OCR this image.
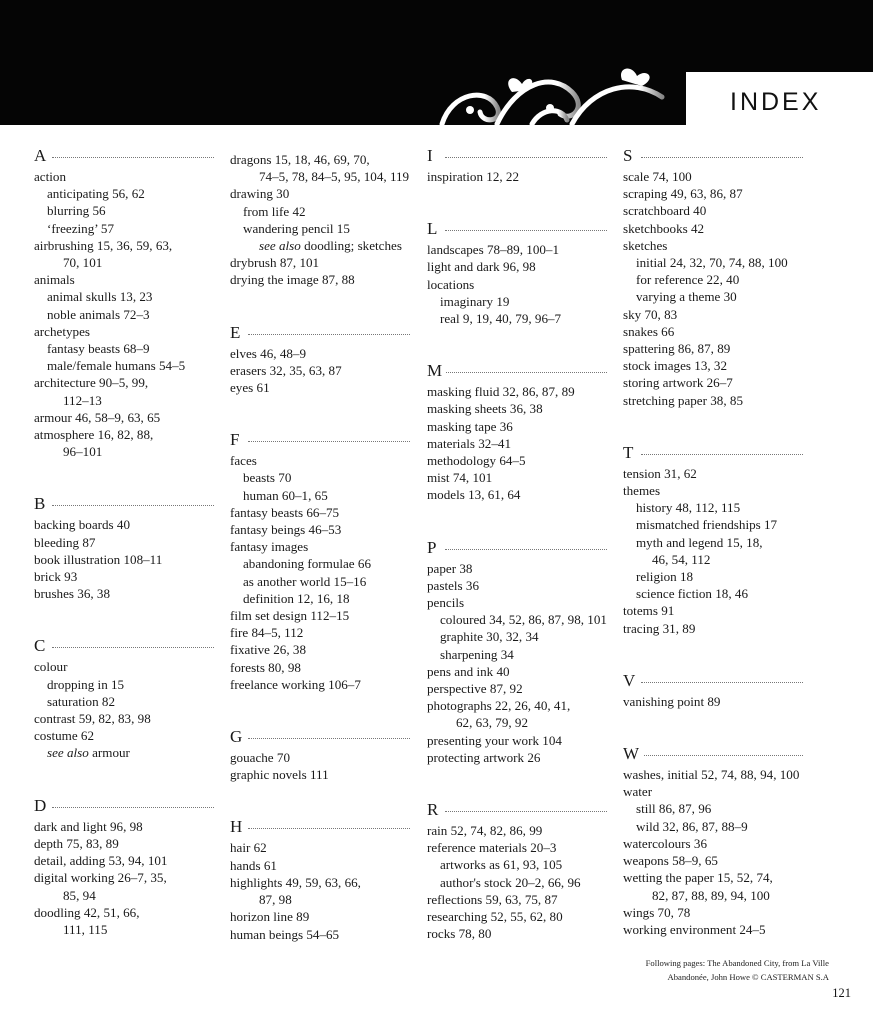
INDEX
A
action
anticipating 56, 62
blurring 56
‘freezing’ 57
airbrushing 15, 36, 59, 63,
70, 101
animals
animal skulls 13, 23
noble animals 72–3
archetypes
fantasy beasts 68–9
male/female humans 54–5
architecture 90–5, 99,
112–13
armour 46, 58–9, 63, 65
atmosphere 16, 82, 88,
96–101
B
backing boards 40
bleeding 87
book illustration 108–11
brick 93
brushes 36, 38
C
colour
dropping in 15
saturation 82
contrast 59, 82, 83, 98
costume 62
see also armour
D
dark and light 96, 98
depth 75, 83, 89
detail, adding 53, 94, 101
digital working 26–7, 35,
85, 94
doodling 42, 51, 66,
111, 115
dragons 15, 18, 46, 69, 70,
74–5, 78, 84–5, 95, 104, 119
drawing 30
from life 42
wandering pencil 15
see also doodling; sketches
drybrush 87, 101
drying the image 87, 88
E
elves 46, 48–9
erasers 32, 35, 63, 87
eyes 61
F
faces
beasts 70
human 60–1, 65
fantasy beasts 66–75
fantasy beings 46–53
fantasy images
abandoning formulae 66
as another world 15–16
definition 12, 16, 18
film set design 112–15
fire 84–5, 112
fixative 26, 38
forests 80, 98
freelance working 106–7
G
gouache 70
graphic novels 111
H
hair 62
hands 61
highlights 49, 59, 63, 66,
87, 98
horizon line 89
human beings 54–65
I
inspiration 12, 22
L
landscapes 78–89, 100–1
light and dark 96, 98
locations
imaginary 19
real 9, 19, 40, 79, 96–7
M
masking fluid 32, 86, 87, 89
masking sheets 36, 38
masking tape 36
materials 32–41
methodology 64–5
mist 74, 101
models 13, 61, 64
P
paper 38
pastels 36
pencils
coloured 34, 52, 86, 87, 98, 101
graphite 30, 32, 34
sharpening 34
pens and ink 40
perspective 87, 92
photographs 22, 26, 40, 41,
62, 63, 79, 92
presenting your work 104
protecting artwork 26
R
rain 52, 74, 82, 86, 99
reference materials 20–3
artworks as 61, 93, 105
author's stock 20–2, 66, 96
reflections 59, 63, 75, 87
researching 52, 55, 62, 80
rocks 78, 80
S
scale 74, 100
scraping 49, 63, 86, 87
scratchboard 40
sketchbooks 42
sketches
initial 24, 32, 70, 74, 88, 100
for reference 22, 40
varying a theme 30
sky 70, 83
snakes 66
spattering 86, 87, 89
stock images 13, 32
storing artwork 26–7
stretching paper 38, 85
T
tension 31, 62
themes
history 48, 112, 115
mismatched friendships 17
myth and legend 15, 18,
46, 54, 112
religion 18
science fiction 18, 46
totems 91
tracing 31, 89
V
vanishing point 89
W
washes, initial 52, 74, 88, 94, 100
water
still 86, 87, 96
wild 32, 86, 87, 88–9
watercolours 36
weapons 58–9, 65
wetting the paper 15, 52, 74,
82, 87, 88, 89, 94, 100
wings 70, 78
working environment 24–5
Following pages: The Abandoned City, from La Ville
Abandonée, John Howe © CASTERMAN S.A
121
